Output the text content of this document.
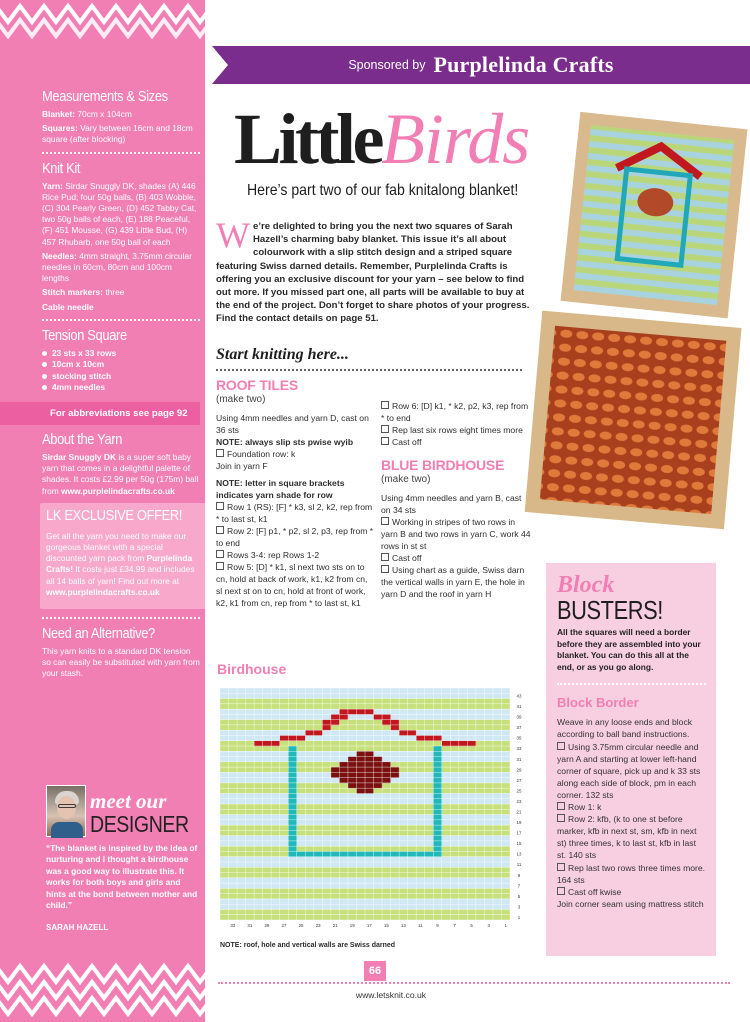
Measurements & Sizes

Blanket: 70cm x 104cm

Squares: Vary between 16cm and 18cm square (after blocking)

Knit Kit

Yarn: Sirdar Snuggly DK, shades (A) 446 Rice Pud; four 50g balls, (B) 403 Wobble, (C) 304 Pearly Green, (D) 452 Tabby Cat, two 50g balls of each, (E) 188 Peaceful, (F) 451 Mousse, (G) 439 Little Bud, (H) 457 Rhubarb, one 50g ball of each

Needles: 4mm straight, 3.75mm circular needles in 60cm, 80cm and 100cm lengths

Stitch markers: three

Cable needle

Tension Square
23 sts x 33 rows
10cm x 10cm
stocking stitch
4mm needles
For abbreviations see page 92
About the Yarn

Sirdar Snuggly DK is a super soft baby yarn that comes in a delightful palette of shades. It costs £2.99 per 50g (175m) ball from www.purplelindacrafts.co.uk

LK EXCLUSIVE OFFER!

Get all the yarn you need to make our gorgeous blanket with a special discounted yarn pack from Purplelinda Crafts! It costs just £34.99 and includes all 14 balls of yarn! Find out more at www.purplelindacrafts.co.uk

Need an Alternative?

This yarn knits to a standard DK tension so can easily be substituted with yarn from your stash.

meet our
DESIGNER
“The blanket is inspired by the idea of nurturing and I thought a birdhouse was a good way to illustrate this. It works for both boys and girls and hints at the bond between mother and child.”
SARAH HAZELL
Sponsored by Purplelinda Crafts
LittleBirds
Here’s part two of our fab knitalong blanket!
We’re delighted to bring you the next two squares of Sarah Hazell’s charming baby blanket. This issue it’s all about colourwork with a slip stitch design and a striped square featuring Swiss darned details. Remember, Purplelinda Crafts is offering you an exclusive discount for your yarn – see below to find out more. If you missed part one, all parts will be available to buy at the end of the project. Don’t forget to share photos of your progress. Find the contact details on page 51.
Start knitting here...
ROOF TILES
(make two)

Using 4mm needles and yarn D, cast on 36 sts

NOTE: always slip sts pwise wyib

Foundation row: k

Join in yarn F

NOTE: letter in square brackets indicates yarn shade for row

Row 1 (RS): [F] * k3, sl 2, k2, rep from * to last st, k1

Row 2: [F] p1, * p2, sl 2, p3, rep from * to end

Rows 3-4: rep Rows 1-2

Row 5: [D] * k1, sl next two sts on to cn, hold at back of work, k1, k2 from cn, sl next st on to cn, hold at front of work, k2, k1 from cn, rep from * to last st, k1

Row 6: [D] k1, * k2, p2, k3, rep from * to end

Rep last six rows eight times more

Cast off

BLUE BIRDHOUSE
(make two)

Using 4mm needles and yarn B, cast on 34 sts

Working in stripes of two rows in yarn B and two rows in yarn C, work 44 rows in st st

Cast off

Using chart as a guide, Swiss darn the vertical walls in yarn E, the hole in yarn D and the roof in yarn H

Birdhouse
33	31	29	27	25	23	21	19	17	15	13	11	9	7	5	3	1
1
3
5
7
9
11
13
15
17
19
21
23
25
27
29
31
33
35
37
39
41
43
NOTE: roof, hole and vertical walls are Swiss darned
Block
BUSTERS!
All the squares will need a border before they are assembled into your blanket. You can do this all at the end, or as you go along.
Block Border

Weave in any loose ends and block according to ball band instructions.

Using 3.75mm circular needle and yarn A and starting at lower left-hand corner of square, pick up and k 33 sts along each side of block, pm in each corner. 132 sts

Row 1: k

Row 2: kfb, (k to one st before marker, kfb in next st, sm, kfb in next st) three times, k to last st, kfb in last st. 140 sts

Rep last two rows three times more. 164 sts

Cast off kwise

Join corner seam using mattress stitch

66
www.letsknit.co.uk
